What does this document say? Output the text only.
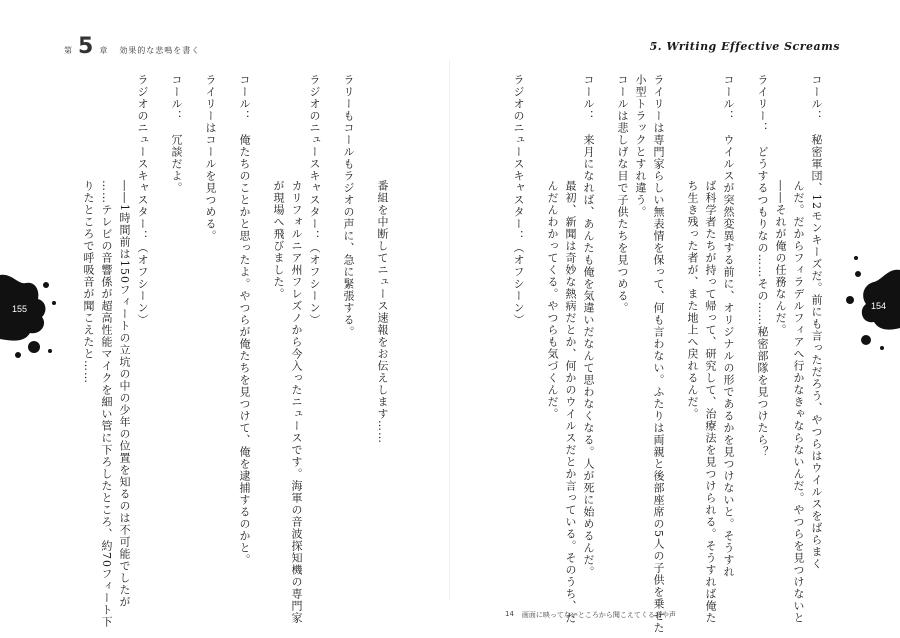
第 5 章 効果的な悲鳴を書く	5. Writing Effective Screams
155	154
コール：　秘密軍団、12モンキーズだ。前にも言っただろう、やつらはウイルスをばらまく
んだ。だからフィラデルフィアへ行かなきゃならないんだ。やつらを見つけないと
――それが俺の任務なんだ。
ライリー：　どうするつもりなの……その……秘密部隊を見つけたら？
コール：　ウイルスが突然変異する前に、オリジナルの形であるかを見つけないと。そうすれ
ば科学者たちが持って帰って、研究して、治療法を見つけられる。そうすれば俺た
ち生き残った者が、また地上へ戻れるんだ。
ライリーは専門家らしい無表情を保って、何も言わない。ふたりは両親と後部座席の5人の子供を乗せた
小型トラックとすれ違う。
コールは悲しげな目で子供たちを見つめる。
コール：　来月になれば、あんたも俺を気違いだなんて思わなくなる。人が死に始めるんだ。
最初、新聞は奇妙な熱病だとか、何かのウイルスだとか言っている。そのうち、だ
んだんわかってくる。やつらも気づくんだ。
ラジオのニュースキャスター：（オフシーン）
番組を中断してニュース速報をお伝えします……
ラリーもコールもラジオの声に、急に緊張する。
ラジオのニュースキャスター：（オフシーン）
カリフォルニア州フレズノから今入ったニュースです。海軍の音波探知機の専門家
が現場へ飛びました。
コール：　俺たちのことかと思ったよ。やつらが俺たちを見つけて、俺を逮捕するのかと。
ライリーはコールを見つめる。
コール：　冗談だよ。
ラジオのニュースキャスター：（オフシーン）
――1時間前は150フィートの立坑の中の少年の位置を知るのは不可能でしたが
……テレビの音響係が超高性能マイクを細い管に下ろしたところ、約70フィート下
りたところで呼吸音が聞こえたと……
14 画面に映ってないところから聞こえてくる音や声
